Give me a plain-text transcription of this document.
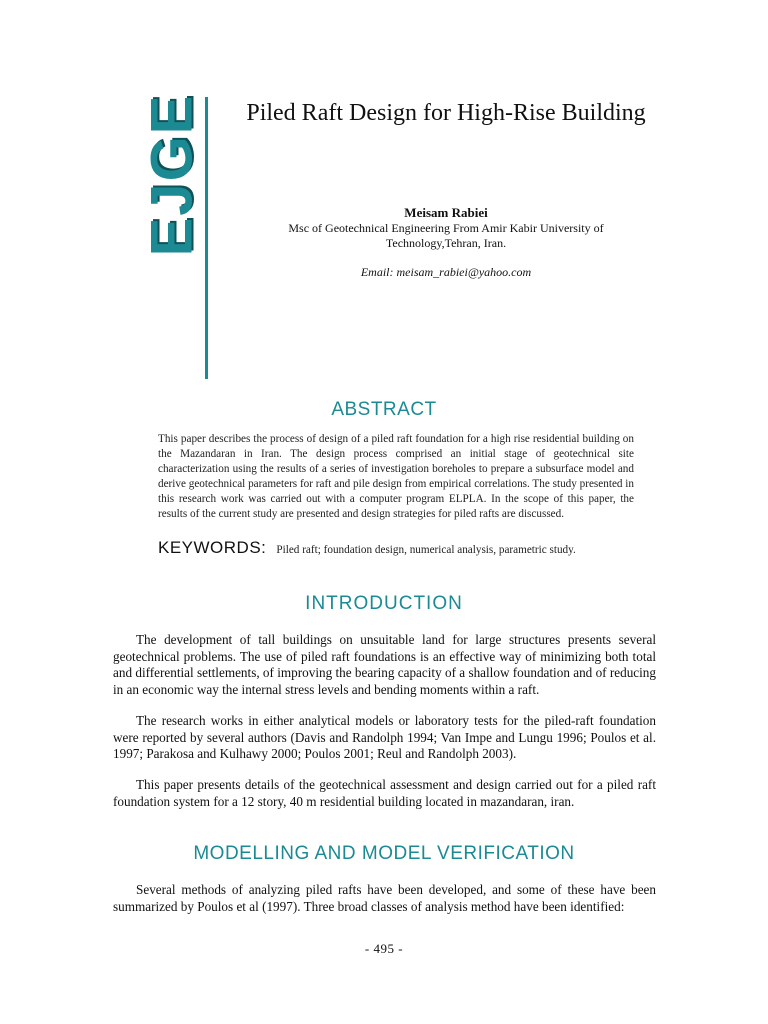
EJGE Piled Raft Design for High-Rise Building
Meisam Rabiei
Msc of Geotechnical Engineering From Amir Kabir University of Technology,Tehran, Iran.
Email: meisam_rabiei@yahoo.com
ABSTRACT
This paper describes the process of design of a piled raft foundation for a high rise residential building on the Mazandaran in Iran. The design process comprised an initial stage of geotechnical site characterization using the results of a series of investigation boreholes to prepare a subsurface model and derive geotechnical parameters for raft and pile design from empirical correlations. The study presented in this research work was carried out with a computer program ELPLA. In the scope of this paper, the results of the current study are presented and design strategies for piled rafts are discussed.
KEYWORDS: Piled raft; foundation design, numerical analysis, parametric study.
INTRODUCTION
The development of tall buildings on unsuitable land for large structures presents several geotechnical problems. The use of piled raft foundations is an effective way of minimizing both total and differential settlements, of improving the bearing capacity of a shallow foundation and of reducing in an economic way the internal stress levels and bending moments within a raft.
The research works in either analytical models or laboratory tests for the piled-raft foundation were reported by several authors (Davis and Randolph 1994; Van Impe and Lungu 1996; Poulos et al. 1997; Parakosa and Kulhawy 2000; Poulos 2001; Reul and Randolph 2003).
This paper presents details of the geotechnical assessment and design carried out for a piled raft foundation system for a 12 story, 40 m residential building located in mazandaran, iran.
MODELLING AND MODEL VERIFICATION
Several methods of analyzing piled rafts have been developed, and some of these have been summarized by Poulos et al (1997). Three broad classes of analysis method have been identified:
- 495 -
